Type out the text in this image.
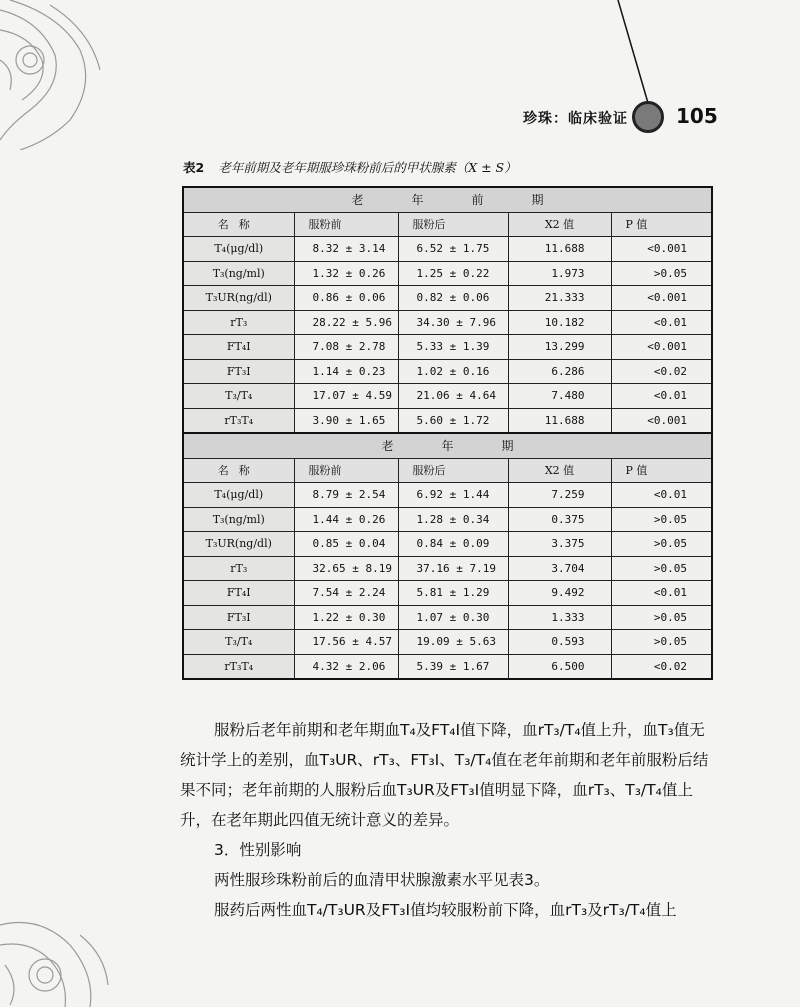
珍珠：临床验证 105
表2 老年前期及老年期服珍珠粉前后的甲状腺素（X ± S）
老年前期				
名称	服粉前	服粉后	X2 值	P 值
T₄(μg/dl)	8.32 ± 3.14	6.52 ± 1.75	11.688	<0.001
T₃(ng/ml)	1.32 ± 0.26	1.25 ± 0.22	1.973	>0.05
T₃UR(ng/dl)	0.86 ± 0.06	0.82 ± 0.06	21.333	<0.001
rT₃	28.22 ± 5.96	34.30 ± 7.96	10.182	<0.01
FT₄I	7.08 ± 2.78	5.33 ± 1.39	13.299	<0.001
FT₃I	1.14 ± 0.23	1.02 ± 0.16	6.286	<0.02
T₃/T₄	17.07 ± 4.59	21.06 ± 4.64	7.480	<0.01
rT₃T₄	3.90 ± 1.65	5.60 ± 1.72	11.688	<0.001
老年期				
名称	服粉前	服粉后	X2 值	P 值
T₄(μg/dl)	8.79 ± 2.54	6.92 ± 1.44	7.259	<0.01
T₃(ng/ml)	1.44 ± 0.26	1.28 ± 0.34	0.375	>0.05
T₃UR(ng/dl)	0.85 ± 0.04	0.84 ± 0.09	3.375	>0.05
rT₃	32.65 ± 8.19	37.16 ± 7.19	3.704	>0.05
FT₄I	7.54 ± 2.24	5.81 ± 1.29	9.492	<0.01
FT₃I	1.22 ± 0.30	1.07 ± 0.30	1.333	>0.05
T₃/T₄	17.56 ± 4.57	19.09 ± 5.63	0.593	>0.05
rT₃T₄	4.32 ± 2.06	5.39 ± 1.67	6.500	<0.02

服粉后老年前期和老年期血T₄及FT₄I值下降，血rT₃/T₄值上升，血T₃值无统计学上的差别，血T₃UR、rT₃、FT₃I、T₃/T₄值在老年前期和老年前服粉后结果不同；老年前期的人服粉后血T₃UR及FT₃I值明显下降，血rT₃、T₃/T₄值上升，在老年期此四值无统计意义的差异。

3．性别影响

两性服珍珠粉前后的血清甲状腺激素水平见表3。

服药后两性血T₄/T₃UR及FT₃I值均较服粉前下降，血rT₃及rT₃/T₄值上
